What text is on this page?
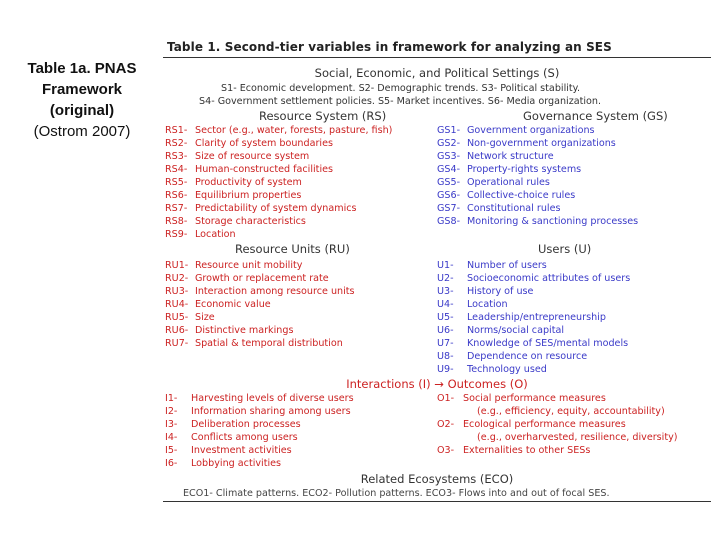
Table 1a. PNAS
Framework
(original)
(Ostrom 2007)
Table 1. Second-tier variables in framework for analyzing an SES
Social, Economic, and Political Settings (S)
S1- Economic development. S2- Demographic trends. S3- Political stability.
S4- Government settlement policies. S5- Market incentives. S6- Media organization.
Resource System (RS)	Governance System (GS)
RS1- Sector (e.g., water, forests, pasture, fish)
RS2- Clarity of system boundaries
RS3- Size of resource system
RS4- Human-constructed facilities
RS5- Productivity of system
RS6- Equilibrium properties
RS7- Predictability of system dynamics
RS8- Storage characteristics
RS9- Location
GS1- Government organizations
GS2- Non-government organizations
GS3- Network structure
GS4- Property-rights systems
GS5- Operational rules
GS6- Collective-choice rules
GS7- Constitutional rules
GS8- Monitoring & sanctioning processes
Resource Units (RU)	Users (U)
RU1- Resource unit mobility
RU2- Growth or replacement rate
RU3- Interaction among resource units
RU4- Economic value
RU5- Size
RU6- Distinctive markings
RU7- Spatial & temporal distribution
U1- Number of users
U2- Socioeconomic attributes of users
U3- History of use
U4- Location
U5- Leadership/entrepreneurship
U6- Norms/social capital
U7- Knowledge of SES/mental models
U8- Dependence on resource
U9- Technology used
Interactions (I) → Outcomes (O)
I1- Harvesting levels of diverse users
I2- Information sharing among users
I3- Deliberation processes
I4- Conflicts among users
I5- Investment activities
I6- Lobbying activities
O1- Social performance measures
(e.g., efficiency, equity, accountability)
O2- Ecological performance measures
(e.g., overharvested, resilience, diversity)
O3- Externalities to other SESs
Related Ecosystems (ECO)
ECO1- Climate patterns. ECO2- Pollution patterns. ECO3- Flows into and out of focal SES.
